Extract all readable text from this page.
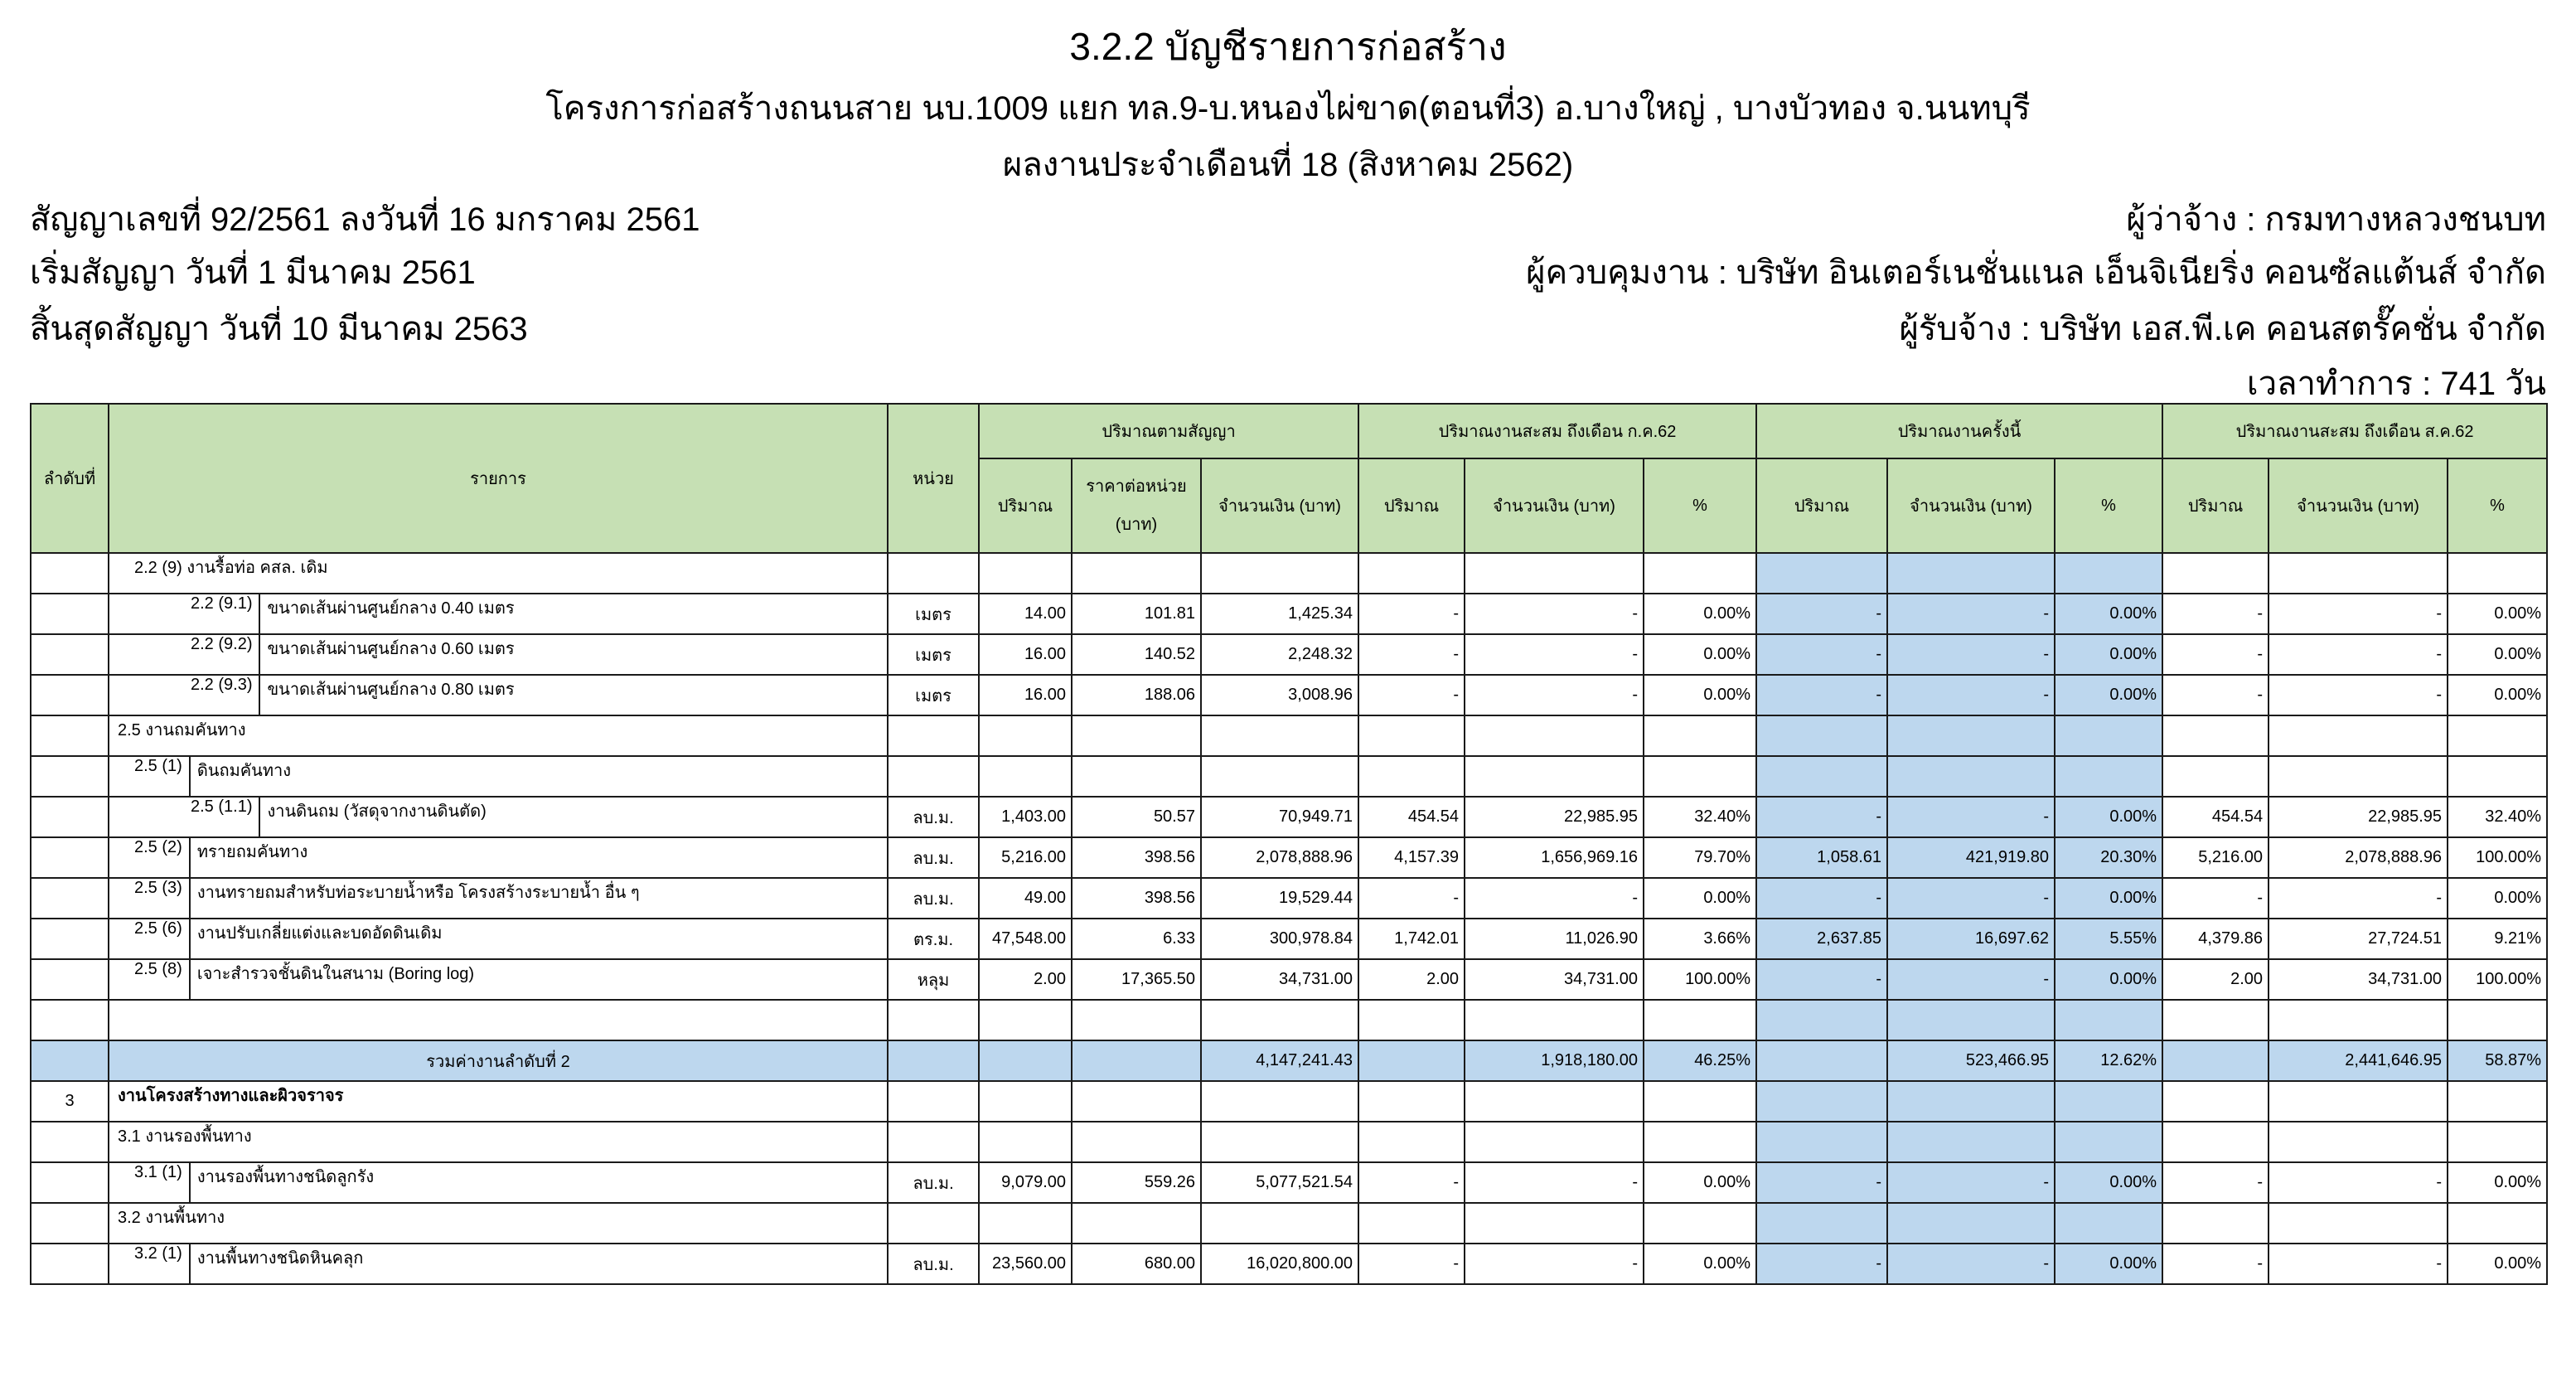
3.2.2 บัญชีรายการก่อสร้าง
โครงการก่อสร้างถนนสาย นบ.1009 แยก ทล.9-บ.หนองไผ่ขาด(ตอนที่3) อ.บางใหญ่ , บางบัวทอง จ.นนทบุรี
ผลงานประจำเดือนที่ 18 (สิงหาคม 2562)
สัญญาเลขที่ 92/2561 ลงวันที่ 16 มกราคม 2561
เริ่มสัญญา วันที่ 1 มีนาคม 2561
สิ้นสุดสัญญา วันที่ 10 มีนาคม 2563
ผู้ว่าจ้าง : กรมทางหลวงชนบท
ผู้ควบคุมงาน : บริษัท อินเตอร์เนชั่นแนล เอ็นจิเนียริ่ง คอนซัลแต้นส์ จำกัด
ผู้รับจ้าง : บริษัท เอส.พี.เค คอนสตรั๊คชั่น จำกัด
เวลาทำการ : 741 วัน
ลำดับที่	รายการ	หน่วย	ปริมาณตามสัญญา			ปริมาณงานสะสม ถึงเดือน ก.ค.62			ปริมาณงานครั้งนี้			ปริมาณงานสะสม ถึงเดือน ส.ค.62		
			ปริมาณ	ราคาต่อหน่วย (บาท)	จำนวนเงิน (บาท)	ปริมาณ	จำนวนเงิน (บาท)	%	ปริมาณ	จำนวนเงิน (บาท)	%	ปริมาณ	จำนวนเงิน (บาท)	%

	2.2 (9) งานรื้อท่อ คสล. เดิม													

	2.2 (9.1) ขนาดเส้นผ่านศูนย์กลาง 0.40 เมตร	เมตร	14.00	101.81	1,425.34	-	-	0.00%	-	-	0.00%	-	-	0.00%

	2.2 (9.2) ขนาดเส้นผ่านศูนย์กลาง 0.60 เมตร	เมตร	16.00	140.52	2,248.32	-	-	0.00%	-	-	0.00%	-	-	0.00%

	2.2 (9.3) ขนาดเส้นผ่านศูนย์กลาง 0.80 เมตร	เมตร	16.00	188.06	3,008.96	-	-	0.00%	-	-	0.00%	-	-	0.00%

	2.5 งานถมคันทาง													

	2.5 (1) ดินถมคันทาง													

	2.5 (1.1) งานดินถม (วัสดุจากงานดินตัด)	ลบ.ม.	1,403.00	50.57	70,949.71	454.54	22,985.95	32.40%	-	-	0.00%	454.54	22,985.95	32.40%

	2.5 (2) ทรายถมคันทาง	ลบ.ม.	5,216.00	398.56	2,078,888.96	4,157.39	1,656,969.16	79.70%	1,058.61	421,919.80	20.30%	5,216.00	2,078,888.96	100.00%

	2.5 (3) งานทรายถมสำหรับท่อระบายน้ำหรือ โครงสร้างระบายน้ำ อื่น ๆ	ลบ.ม.	49.00	398.56	19,529.44	-	-	0.00%	-	-	0.00%	-	-	0.00%

	2.5 (6) งานปรับเกลี่ยแต่งและบดอัดดินเดิม	ตร.ม.	47,548.00	6.33	300,978.84	1,742.01	11,026.90	3.66%	2,637.85	16,697.62	5.55%	4,379.86	27,724.51	9.21%

	2.5 (8) เจาะสำรวจชั้นดินในสนาม (Boring log)	หลุม	2.00	17,365.50	34,731.00	2.00	34,731.00	100.00%	-	-	0.00%	2.00	34,731.00	100.00%

	รวมค่างานลำดับที่ 2				4,147,241.43		1,918,180.00	46.25%		523,466.95	12.62%		2,441,646.95	58.87%
3	งานโครงสร้างทางและผิวจราจร													

	3.1 งานรองพื้นทาง													

	3.1 (1) งานรองพื้นทางชนิดลูกรัง	ลบ.ม.	9,079.00	559.26	5,077,521.54	-	-	0.00%	-	-	0.00%	-	-	0.00%

	3.2 งานพื้นทาง													

	3.2 (1) งานพื้นทางชนิดหินคลุก	ลบ.ม.	23,560.00	680.00	16,020,800.00	-	-	0.00%	-	-	0.00%	-	-	0.00%
